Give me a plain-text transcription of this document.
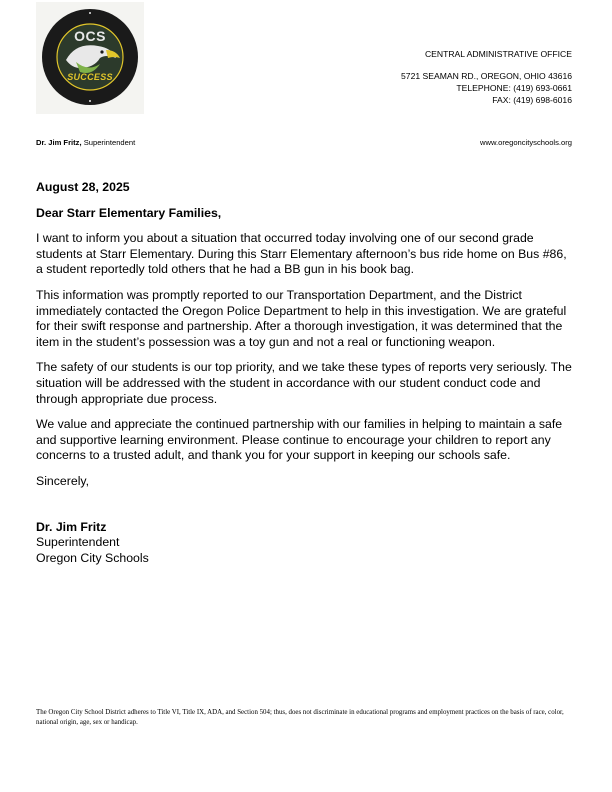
OCS
SUCCESS
CENTRAL ADMINISTRATIVE OFFICE
5721 SEAMAN RD., OREGON, OHIO 43616
TELEPHONE: (419) 693-0661
FAX: (419) 698-6016
Dr. Jim Fritz, Superintendent	www.oregoncityschools.org
August 28, 2025
Dear Starr Elementary Families,

I want to inform you about a situation that occurred today involving one of our second grade students at Starr Elementary. During this Starr Elementary afternoon’s bus ride home on Bus #86, a student reportedly told others that he had a BB gun in his book bag.

This information was promptly reported to our Transportation Department, and the District immediately contacted the Oregon Police Department to help in this investigation. We are grateful for their swift response and partnership. After a thorough investigation, it was determined that the item in the student’s possession was a toy gun and not a real or functioning weapon.

The safety of our students is our top priority, and we take these types of reports very seriously. The situation will be addressed with the student in accordance with our student conduct code and through appropriate due process.

We value and appreciate the continued partnership with our families in helping to maintain a safe and supportive learning environment. Please continue to encourage your children to report any concerns to a trusted adult, and thank you for your support in keeping our schools safe.

Sincerely,
Dr. Jim Fritz
Superintendent
Oregon City Schools
The Oregon City School District adheres to Title VI, Title IX, ADA, and Section 504; thus, does not discriminate in educational programs and employment practices on the basis of race, color, national origin, age, sex or handicap.
